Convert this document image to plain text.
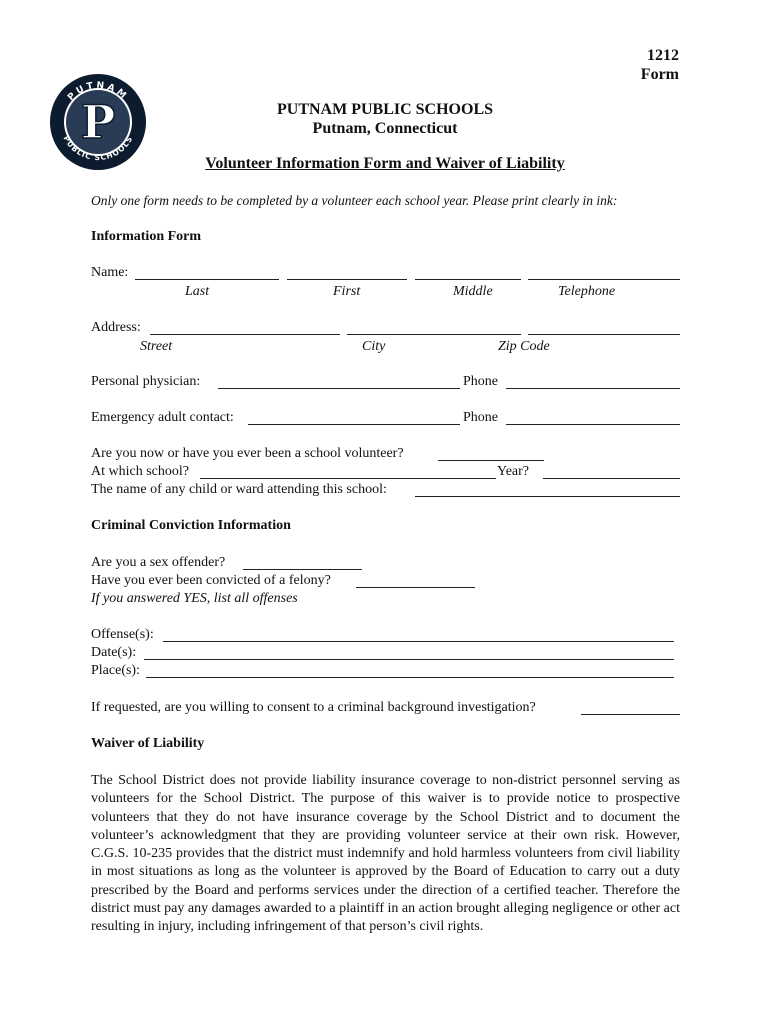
1212
Form
PUTNAM
PUBLIC SCHOOLS
P	PUTNAM PUBLIC SCHOOLS
Putnam, Connecticut
Volunteer Information Form and Waiver of Liability
Only one form needs to be completed by a volunteer each school year. Please print clearly in ink:
Information Form
Name:
Last	First	Middle	Telephone
Address:
Street	City	Zip Code
Personal physician:	Phone
Emergency adult contact:	Phone
Are you now or have you ever been a school volunteer?
At which school?	Year?
The name of any child or ward attending this school:
Criminal Conviction Information
Are you a sex offender?
Have you ever been convicted of a felony?
If you answered YES, list all offenses
Offense(s):
Date(s):
Place(s):
If requested, are you willing to consent to a criminal background investigation?
Waiver of Liability
The School District does not provide liability insurance coverage to non-district personnel serving as volunteers for the School District. The purpose of this waiver is to provide notice to prospective volunteers that they do not have insurance coverage by the School District and to document the volunteer’s acknowledgment that they are providing volunteer service at their own risk. However, C.G.S. 10-235 provides that the district must indemnify and hold harmless volunteers from civil liability in most situations as long as the volunteer is approved by the Board of Education to carry out a duty prescribed by the Board and performs services under the direction of a certified teacher. Therefore the district must pay any damages awarded to a plaintiff in an action brought alleging negligence or other act resulting in injury, including infringement of that person’s civil rights.
